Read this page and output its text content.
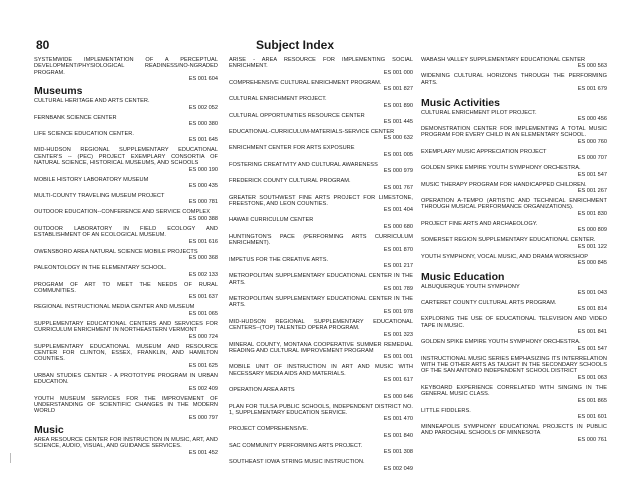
80	Subject Index
SYSTEMWIDE IMPLEMENTATION OF A PERCEPTUAL DEVELOPMENT/PHYSIOLOGICAL READINESS/NO-NGRADED PROGRAM.
ES 001 604
Museums
CULTURAL HERITAGE AND ARTS CENTER.
ES 002 052
FERNBANK SCIENCE CENTER
ES 000 380
LIFE SCIENCE EDUCATION CENTER.
ES 001 645
MID-HUDSON REGIONAL SUPPLEMENTARY EDUCATIONAL CENTER'S -- (PEC) PROJECT EXEMPLARY CONSORTIA OF NATURAL SCIENCE, HISTORICAL MUSEUMS, AND SCHOOLS
ES 000 190
MOBILE HISTORY LABORATORY MUSEUM
ES 000 435
MULTI-COUNTY TRAVELING MUSEUM PROJECT
ES 000 781
OUTDOOR EDUCATION--CONFERENCE AND SERVICE COMPLEX
ES 000 388
OUTDOOR LABORATORY IN FIELD ECOLOGY AND ESTABLISHMENT OF AN ECOLOGICAL MUSEUM.
ES 001 616
OWENSBORO AREA NATURAL SCIENCE MOBILE PROJECTS
ES 000 368
PALEONTOLOGY IN THE ELEMENTARY SCHOOL.
ES 002 133
PROGRAM OF ART TO MEET THE NEEDS OF RURAL COMMUNITIES.
ES 001 637
REGIONAL INSTRUCTIONAL MEDIA CENTER AND MUSEUM
ES 001 065
SUPPLEMENTARY EDUCATIONAL CENTERS AND SERVICES FOR CURRICULUM ENRICHMENT IN NORTHEASTERN VERMONT
ES 000 724
SUPPLEMENTARY EDUCATIONAL MUSEUM AND RESOURCE CENTER FOR CLINTON, ESSEX, FRANKLIN, AND HAMILTON COUNTIES.
ES 001 625
URBAN STUDIES CENTER - A PROTOTYPE PROGRAM IN URBAN EDUCATION.
ES 002 409
YOUTH MUSEUM SERVICES FOR THE IMPROVEMENT OF UNDERSTANDING OF SCIENTIFIC CHANGES IN THE MODERN WORLD
ES 000 797
Music
AREA RESOURCE CENTER FOR INSTRUCTION IN MUSIC, ART, AND SCIENCE, AUDIO, VISUAL, AND GUIDANCE SERVICES.
ES 001 452
ARISE - AREA RESOURCE FOR IMPLEMENTING SOCIAL ENRICHMENT.
ES 001 000
COMPREHENSIVE CULTURAL ENRICHMENT PROGRAM.
ES 001 827
CULTURAL ENRICHMENT PROJECT.
ES 001 890
CULTURAL OPPORTUNITIES RESOURCE CENTER
ES 001 445
EDUCATIONAL-CURRICULUM-MATERIALS-SERVICE CENTER
ES 000 632
ENRICHMENT CENTER FOR ARTS EXPOSURE
ES 001 005
FOSTERING CREATIVITY AND CULTURAL AWARENESS
ES 000 979
FREDERICK COUNTY CULTURAL PROGRAM.
ES 001 767
GREATER SOUTHWEST FINE ARTS PROJECT FOR LIMESTONE, FREESTONE, AND LEON COUNTIES.
ES 001 404
HAWAII CURRICULUM CENTER
ES 000 680
HUNTINGTON'S PACE (PERFORMING ARTS CURRICULUM ENRICHMENT).
ES 001 870
IMPETUS FOR THE CREATIVE ARTS.
ES 001 217
METROPOLITAN SUPPLEMENTARY EDUCATIONAL CENTER IN THE ARTS.
ES 001 789
METROPOLITAN SUPPLEMENTARY EDUCATIONAL CENTER IN THE ARTS.
ES 001 978
MID-HUDSON REGIONAL SUPPLEMENTARY EDUCATIONAL CENTERS--(TOP) TALENTED OPERA PROGRAM.
ES 001 323
MINERAL COUNTY, MONTANA COOPERATIVE SUMMER REMEDIAL READING AND CULTURAL IMPROVEMENT PROGRAM
ES 001 001
MOBILE UNIT OF INSTRUCTION IN ART AND MUSIC WITH NECESSARY MEDIA AIDS AND MATERIALS.
ES 001 617
OPERATION AREA ARTS
ES 000 646
PLAN FOR TULSA PUBLIC SCHOOLS, INDEPENDENT DISTRICT NO. 1, SUPPLEMENTARY EDUCATION SERVICE.
ES 001 470
PROJECT COMPREHENSIVE.
ES 001 840
SAC COMMUNITY PERFORMING ARTS PROJECT.
ES 001 308
SOUTHEAST IOWA STRING MUSIC INSTRUCTION.
ES 002 049
WABASH VALLEY SUPPLEMENTARY EDUCATIONAL CENTER
ES 000 563
WIDENING CULTURAL HORIZONS THROUGH THE PERFORMING ARTS.
ES 001 679
Music Activities
CULTURAL ENRICHMENT PILOT PROJECT.
ES 000 456
DEMONSTRATION CENTER FOR IMPLEMENTING A TOTAL MUSIC PROGRAM FOR EVERY CHILD IN AN ELEMENTARY SCHOOL.
ES 000 760
EXEMPLARY MUSIC APPRECIATION PROJECT
ES 000 707
GOLDEN SPIKE EMPIRE YOUTH SYMPHONY ORCHESTRA.
ES 001 547
MUSIC THERAPY PROGRAM FOR HANDICAPPED CHILDREN.
ES 001 267
OPERATION A-TEMPO (ARTISTIC AND TECHNICAL ENRICHMENT THROUGH MUSICAL PERFORMANCE ORGANIZATIONS).
ES 001 830
PROJECT FINE ARTS AND ARCHAEOLOGY.
ES 000 809
SOMERSET REGION SUPPLEMENTARY EDUCATIONAL CENTER.
ES 001 122
YOUTH SYMPHONY, VOCAL MUSIC, AND DRAMA WORKSHOP
ES 000 845
Music Education
ALBUQUERQUE YOUTH SYMPHONY
ES 001 043
CARTERET COUNTY CULTURAL ARTS PROGRAM.
ES 001 814
EXPLORING THE USE OF EDUCATIONAL TELEVISION AND VIDEO TAPE IN MUSIC.
ES 001 841
GOLDEN SPIKE EMPIRE YOUTH SYMPHONY ORCHESTRA.
ES 001 547
INSTRUCTIONAL MUSIC SERIES EMPHASIZING ITS INTERRELATION WITH THE OTHER ARTS AS TAUGHT IN THE SECONDARY SCHOOLS OF THE SAN ANTONIO INDEPENDENT SCHOOL DISTRICT
ES 001 063
KEYBOARD EXPERIENCE CORRELATED WITH SINGING IN THE GENERAL MUSIC CLASS.
ES 001 865
LITTLE FIDDLERS.
ES 001 601
MINNEAPOLIS SYMPHONY EDUCATIONAL PROJECTS IN PUBLIC AND PAROCHIAL SCHOOLS OF MINNESOTA
ES 000 761
